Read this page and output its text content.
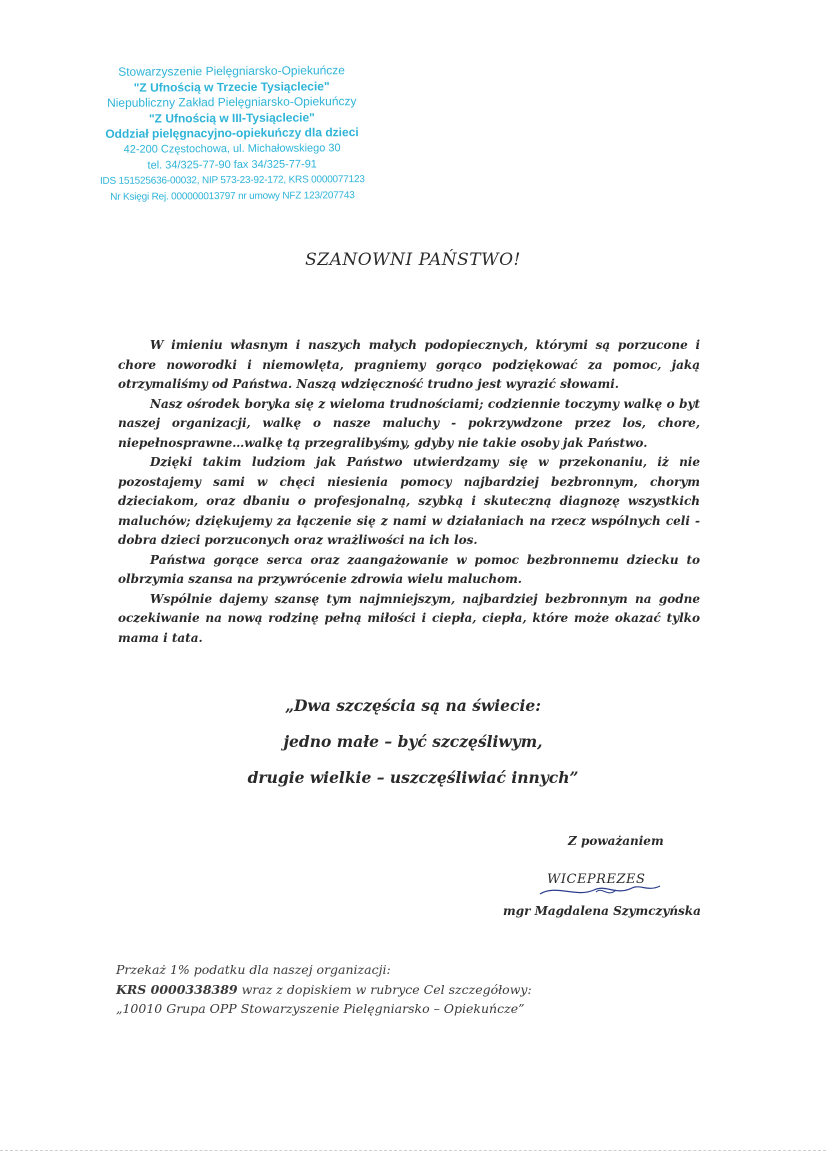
Stowarzyszenie Pielęgniarsko-Opiekuńcze
"Z Ufnością w Trzecie Tysiąclecie"
Niepubliczny Zakład Pielęgniarsko-Opiekuńczy
"Z Ufnością w III-Tysiąclecie"
Oddział pielęgnacyjno-opiekuńczy dla dzieci
42-200 Częstochowa, ul. Michałowskiego 30
tel. 34/325-77-90 fax 34/325-77-91
IDS 151525636-00032, NIP 573-23-92-172, KRS 0000077123
Nr Księgi Rej. 000000013797 nr umowy NFZ 123/207743
SZANOWNI PAŃSTWO!

W imieniu własnym i naszych małych podopiecznych, którymi są porzucone i chore noworodki i niemowlęta, pragniemy gorąco podziękować za pomoc, jaką otrzymaliśmy od Państwa. Naszą wdzięczność trudno jest wyrazić słowami.

Nasz ośrodek boryka się z wieloma trudnościami; codziennie toczymy walkę o byt naszej organizacji, walkę o nasze maluchy - pokrzywdzone przez los, chore, niepełnosprawne…walkę tą przegralibyśmy, gdyby nie takie osoby jak Państwo.

Dzięki takim ludziom jak Państwo utwierdzamy się w przekonaniu, iż nie pozostajemy sami w chęci niesienia pomocy najbardziej bezbronnym, chorym dzieciakom, oraz dbaniu o profesjonalną, szybką i skuteczną diagnozę wszystkich maluchów; dziękujemy za łączenie się z nami w działaniach na rzecz wspólnych celi - dobra dzieci porzuconych oraz wrażliwości na ich los.

Państwa gorące serca oraz zaangażowanie w pomoc bezbronnemu dziecku to olbrzymia szansa na przywrócenie zdrowia wielu maluchom.

Wspólnie dajemy szansę tym najmniejszym, najbardziej bezbronnym na godne oczekiwanie na nową rodzinę pełną miłości i ciepła, ciepła, które może okazać tylko mama i tata.

„Dwa szczęścia są na świecie:
jedno małe – być szczęśliwym,
drugie wielkie – uszczęśliwiać innych”
Z poważaniem
WICEPREZES
mgr Magdalena Szymczyńska
Przekaż 1% podatku dla naszej organizacji:
KRS 0000338389 wraz z dopiskiem w rubryce Cel szczegółowy:
„10010 Grupa OPP Stowarzyszenie Pielęgniarsko – Opiekuńcze”
